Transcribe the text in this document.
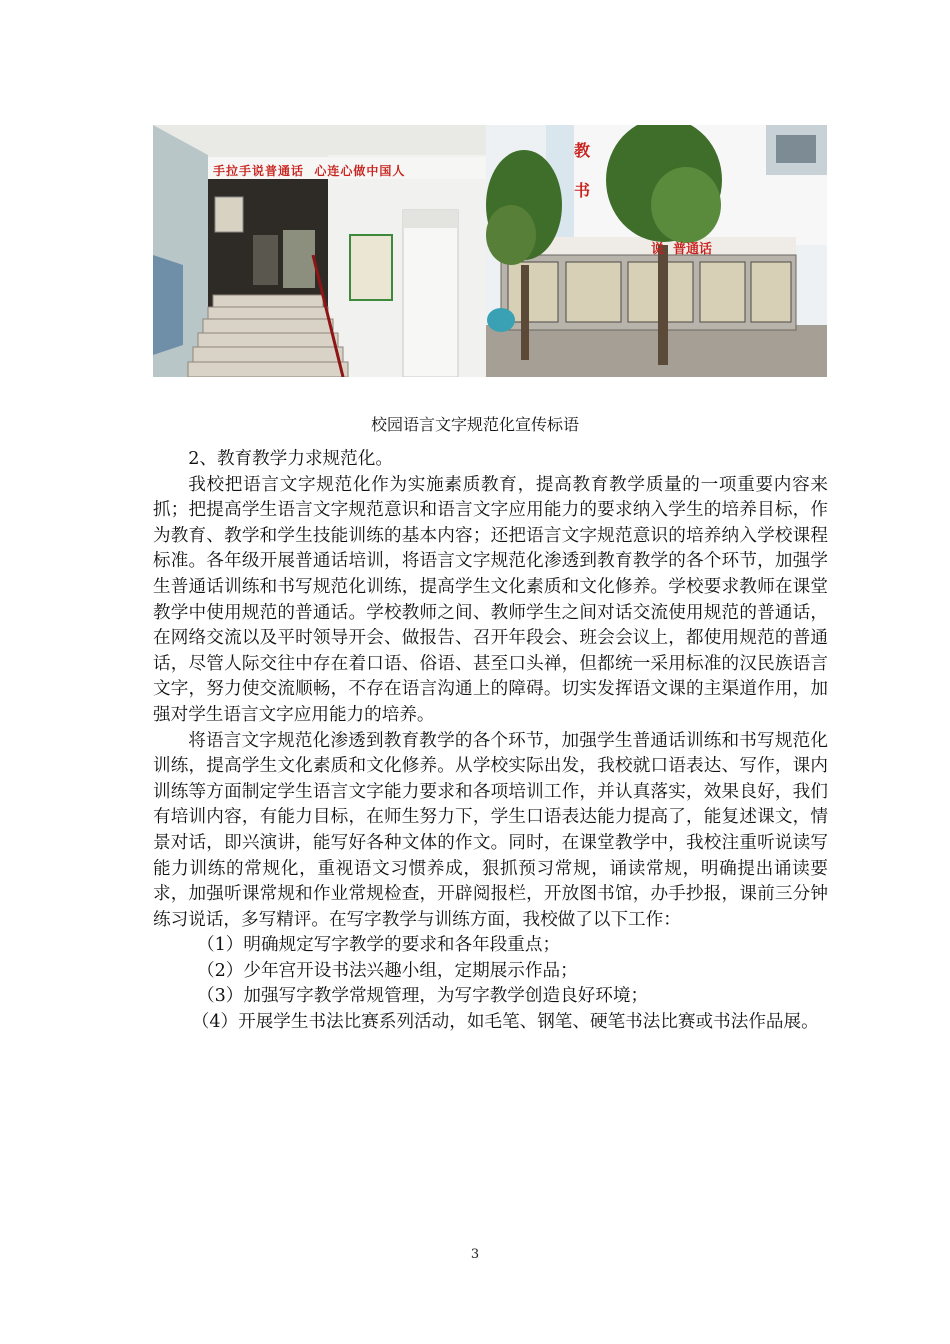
手拉手说普通话  心连心做中国人
教
书
说  普通话
校园语言文字规范化宣传标语

2、教育教学力求规范化。

我校把语言文字规范化作为实施素质教育，提高教育教学质量的一项重要内容来抓；把提高学生语言文字规范意识和语言文字应用能力的要求纳入学生的培养目标，作为教育、教学和学生技能训练的基本内容；还把语言文字规范意识的培养纳入学校课程标准。各年级开展普通话培训，将语言文字规范化渗透到教育教学的各个环节，加强学生普通话训练和书写规范化训练，提高学生文化素质和文化修养。学校要求教师在课堂教学中使用规范的普通话。学校教师之间、教师学生之间对话交流使用规范的普通话，在网络交流以及平时领导开会、做报告、召开年段会、班会会议上，都使用规范的普通话，尽管人际交往中存在着口语、俗语、甚至口头禅，但都统一采用标准的汉民族语言文字，努力使交流顺畅，不存在语言沟通上的障碍。切实发挥语文课的主渠道作用，加强对学生语言文字应用能力的培养。

将语言文字规范化渗透到教育教学的各个环节，加强学生普通话训练和书写规范化训练，提高学生文化素质和文化修养。从学校实际出发，我校就口语表达、写作，课内训练等方面制定学生语言文字能力要求和各项培训工作，并认真落实，效果良好，我们有培训内容，有能力目标，在师生努力下，学生口语表达能力提高了，能复述课文，情景对话，即兴演讲，能写好各种文体的作文。同时，在课堂教学中，我校注重听说读写能力训练的常规化，重视语文习惯养成，狠抓预习常规，诵读常规，明确提出诵读要求，加强听课常规和作业常规检查，开辟阅报栏，开放图书馆，办手抄报，课前三分钟练习说话，多写精评。在写字教学与训练方面，我校做了以下工作：

（1）明确规定写字教学的要求和各年段重点；

（2）少年宫开设书法兴趣小组，定期展示作品；

（3）加强写字教学常规管理，为写字教学创造良好环境；

（4）开展学生书法比赛系列活动，如毛笔、钢笔、硬笔书法比赛或书法作品展。

3
